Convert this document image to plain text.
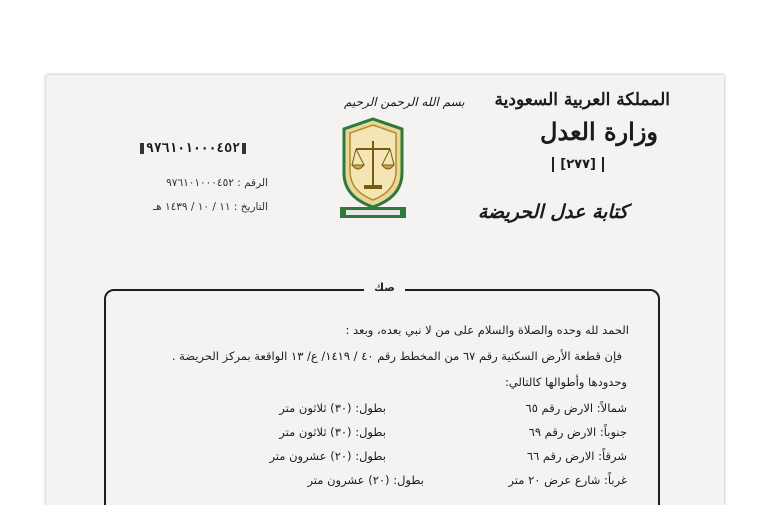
المملكة العربية السعودية
وزارة العدل
[٢٧٧]
كتابة عدل الحريضة
بسم الله الرحمن الرحيم
٩٧٦١٠١٠٠٠٤٥٢
الرقم : ٩٧٦١٠١٠٠٠٤٥٢
التاريخ : ١١ / ١٠ / ١٤٣٩ هـ
صك
الحمد لله وحده والصلاة والسلام على من لا نبي بعده، وبعد :
فإن قطعة الأرض السكنية رقم ٦٧ من المخطط رقم ٤٠ / ١٤١٩/ ع/ ١٣ الواقعة بمركز الحريضة .
وحدودها وأطوالها كالتالي:
شمالاً: الارض رقم ٦٥
بطول: (٣٠) ثلاثون متر
جنوباً: الارض رقم ٦٩
بطول: (٣٠) ثلاثون متر
شرقاً: الارض رقم ٦٦
بطول: (٢٠) عشرون متر
غرباً: شارع عرض ٢٠ متر
بطول: (٢٠) عشرون متر
